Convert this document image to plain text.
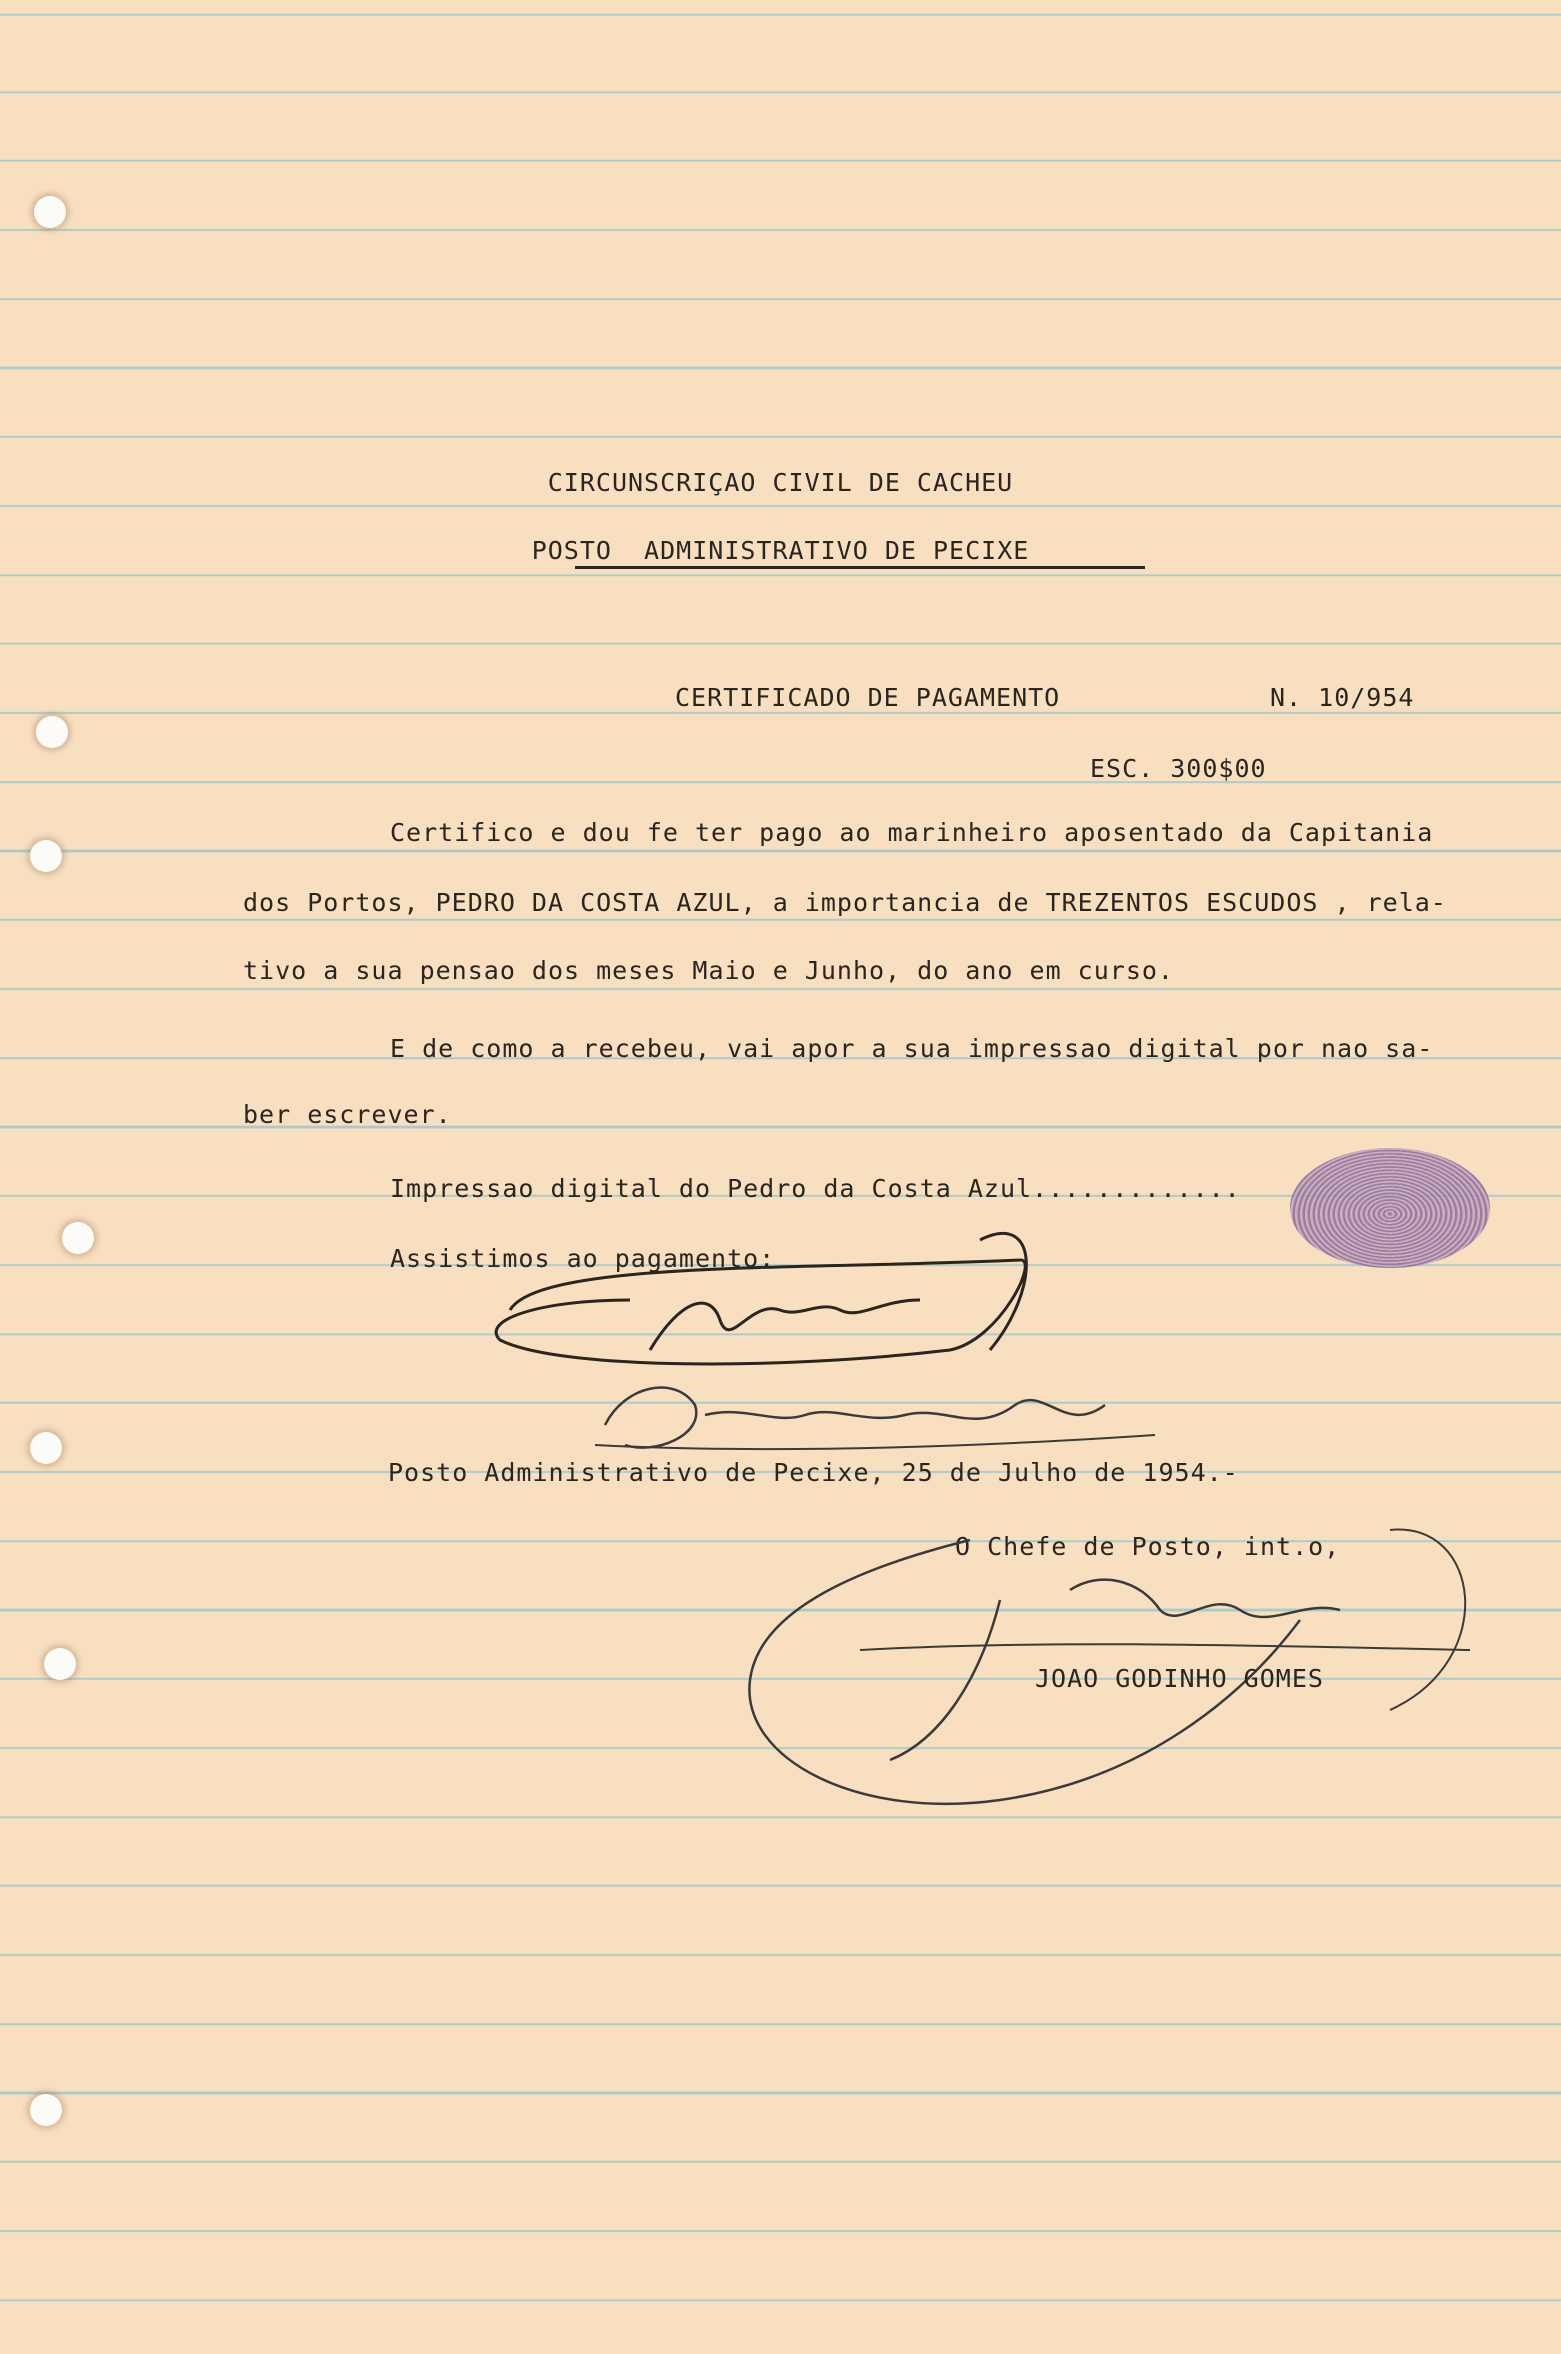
CIRCUNSCRIÇAO CIVIL DE CACHEU
POSTO  ADMINISTRATIVO DE PECIXE
CERTIFICADO DE PAGAMENTO	N. 10/954
ESC. 300$00
Certifico e dou fe ter pago ao marinheiro aposentado da Capitania
dos Portos, PEDRO DA COSTA AZUL, a importancia de TREZENTOS ESCUDOS , rela-
tivo a sua pensao dos meses Maio e Junho, do ano em curso.
E de como a recebeu, vai apor a sua impressao digital por nao sa-
ber escrever.
Impressao digital do Pedro da Costa Azul.............
Assistimos ao pagamento:
Posto Administrativo de Pecixe, 25 de Julho de 1954.-
O Chefe de Posto, int.o,
JOAO GODINHO GOMES
